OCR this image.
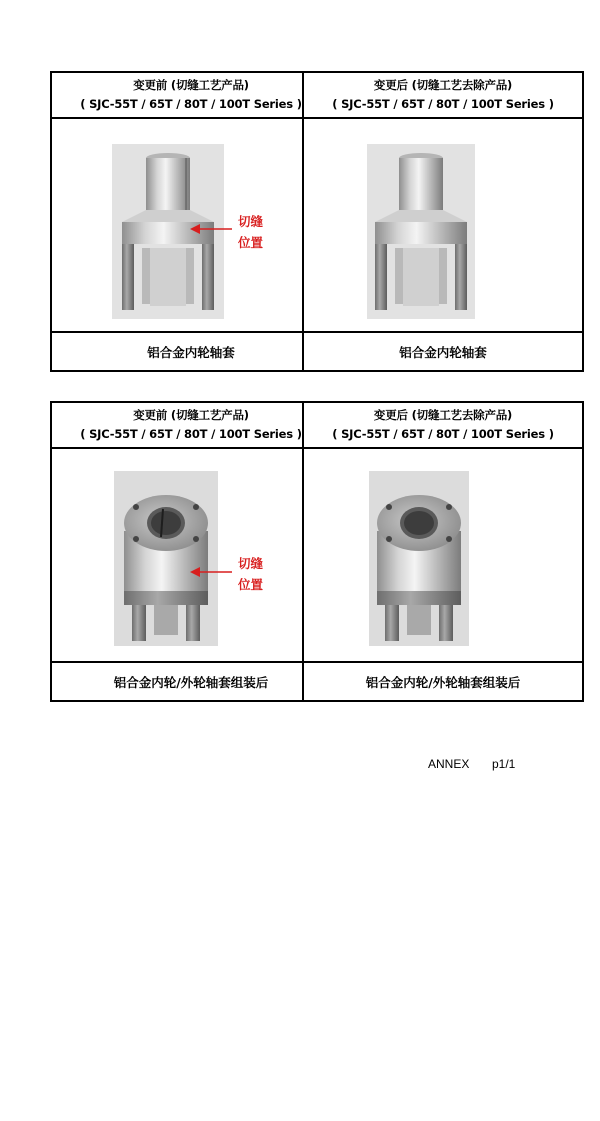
变更前 (切缝工艺产品)
( SJC-55T / 65T / 80T / 100T Series )
切缝
位置
铝合金内轮轴套
变更后 (切缝工艺去除产品)
( SJC-55T / 65T / 80T / 100T Series )
铝合金内轮轴套
变更前 (切缝工艺产品)
( SJC-55T / 65T / 80T / 100T Series )
切缝
位置
铝合金内轮/外轮轴套组装后
变更后 (切缝工艺去除产品)
( SJC-55T / 65T / 80T / 100T Series )
铝合金内轮/外轮轴套组装后
ANNEX p1/1
